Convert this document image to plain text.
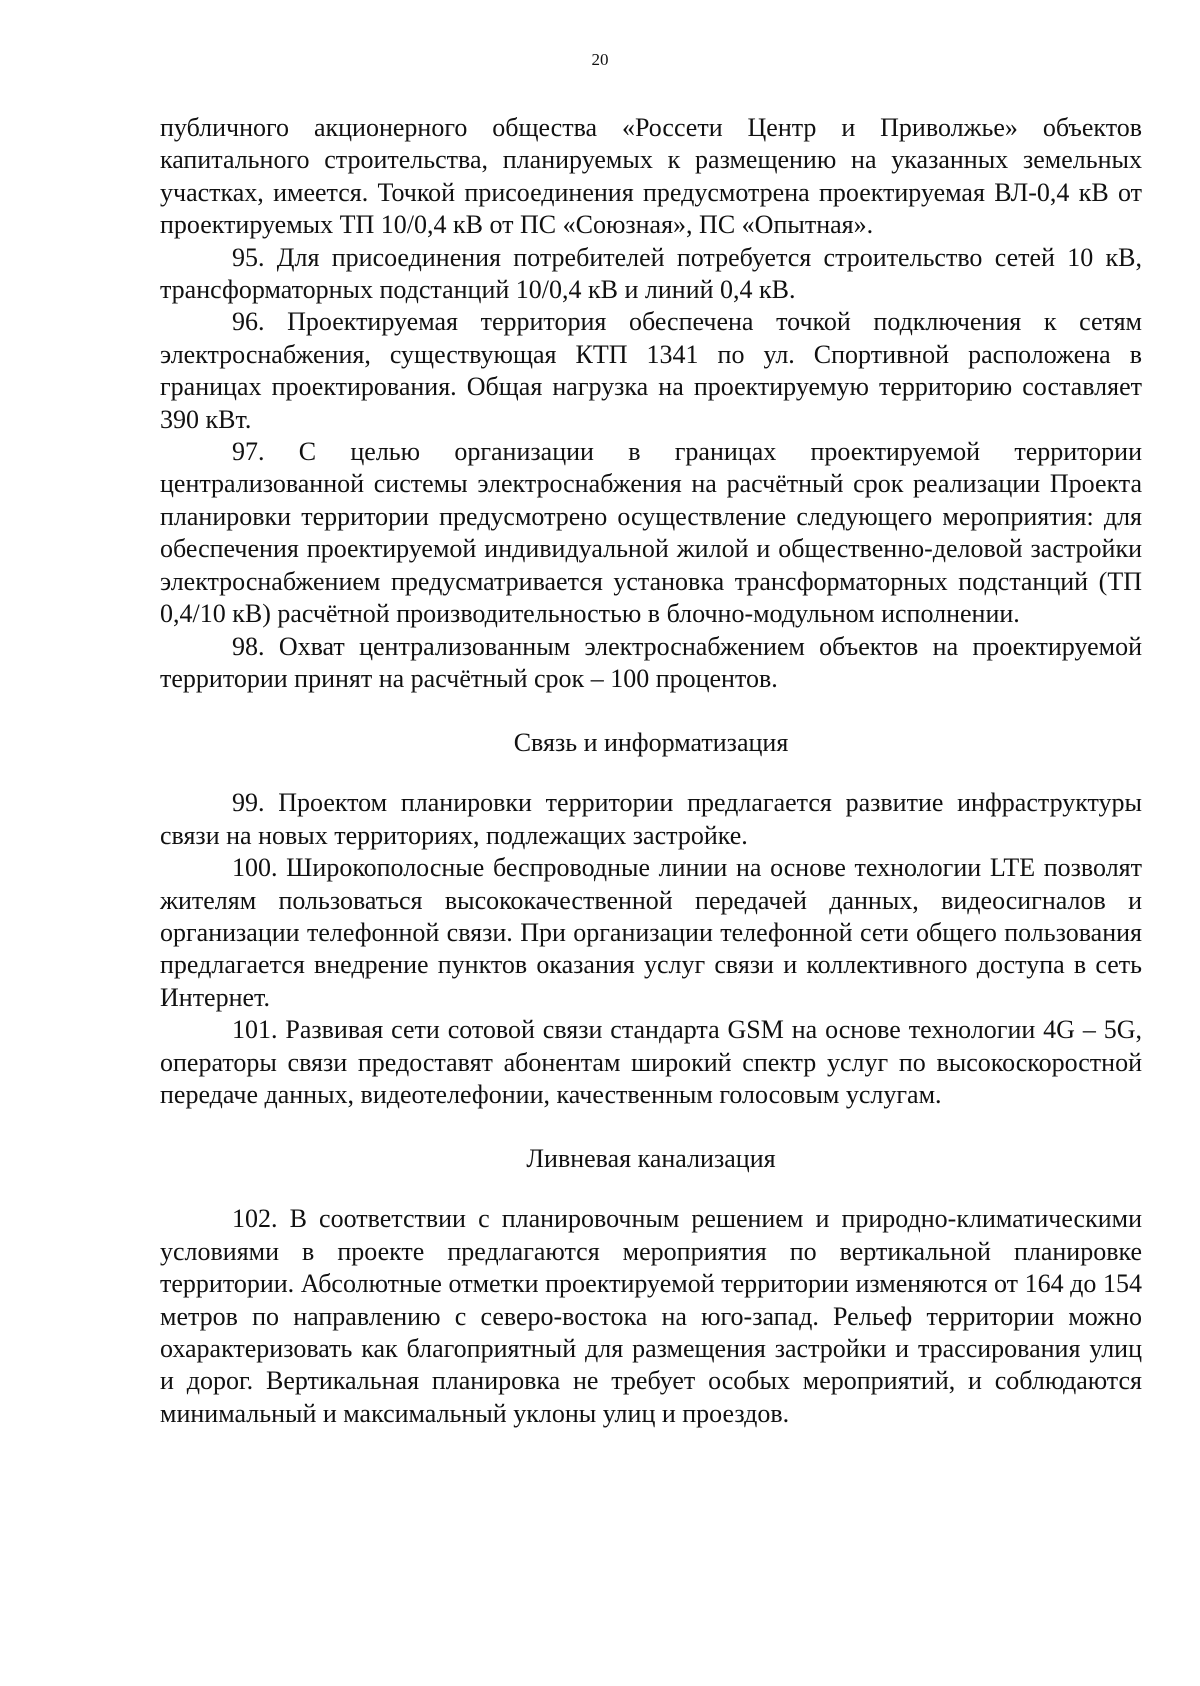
20

публичного акционерного общества «Россети Центр и Приволжье» объектов капитального строительства, планируемых к размещению на указанных земельных участках, имеется. Точкой присоединения предусмотрена проектируемая ВЛ-0,4 кВ от проектируемых ТП 10/0,4 кВ от ПС «Союзная», ПС «Опытная».

95. Для присоединения потребителей потребуется строительство сетей 10 кВ, трансформаторных подстанций 10/0,4 кВ и линий 0,4 кВ.

96. Проектируемая территория обеспечена точкой подключения к сетям электроснабжения, существующая КТП 1341 по ул. Спортивной расположена в границах проектирования. Общая нагрузка на проектируемую территорию составляет 390 кВт.

97. С целью организации в границах проектируемой территории централизованной системы электроснабжения на расчётный срок реализации Проекта планировки территории предусмотрено осуществление следующего мероприятия: для обеспечения проектируемой индивидуальной жилой и общественно-деловой застройки электроснабжением предусматривается установка трансформаторных подстанций (ТП 0,4/10 кВ) расчётной производительностью в блочно-модульном исполнении.

98. Охват централизованным электроснабжением объектов на проектируемой территории принят на расчётный срок – 100 процентов.

Связь и информатизация

99. Проектом планировки территории предлагается развитие инфраструктуры связи на новых территориях, подлежащих застройке.

100. Широкополосные беспроводные линии на основе технологии LTE позволят жителям пользоваться высококачественной передачей данных, видеосигналов и организации телефонной связи. При организации телефонной сети общего пользования предлагается внедрение пунктов оказания услуг связи и коллективного доступа в сеть Интернет.

101. Развивая сети сотовой связи стандарта GSM на основе технологии 4G – 5G, операторы связи предоставят абонентам широкий спектр услуг по высокоскоростной передаче данных, видеотелефонии, качественным голосовым услугам.

Ливневая канализация

102. В соответствии с планировочным решением и природно-климатическими условиями в проекте предлагаются мероприятия по вертикальной планировке территории. Абсолютные отметки проектируемой территории изменяются от 164 до 154 метров по направлению с северо-востока на юго-запад. Рельеф территории можно охарактеризовать как благоприятный для размещения застройки и трассирования улиц и дорог. Вертикальная планировка не требует особых мероприятий, и соблюдаются минимальный и максимальный уклоны улиц и проездов.
